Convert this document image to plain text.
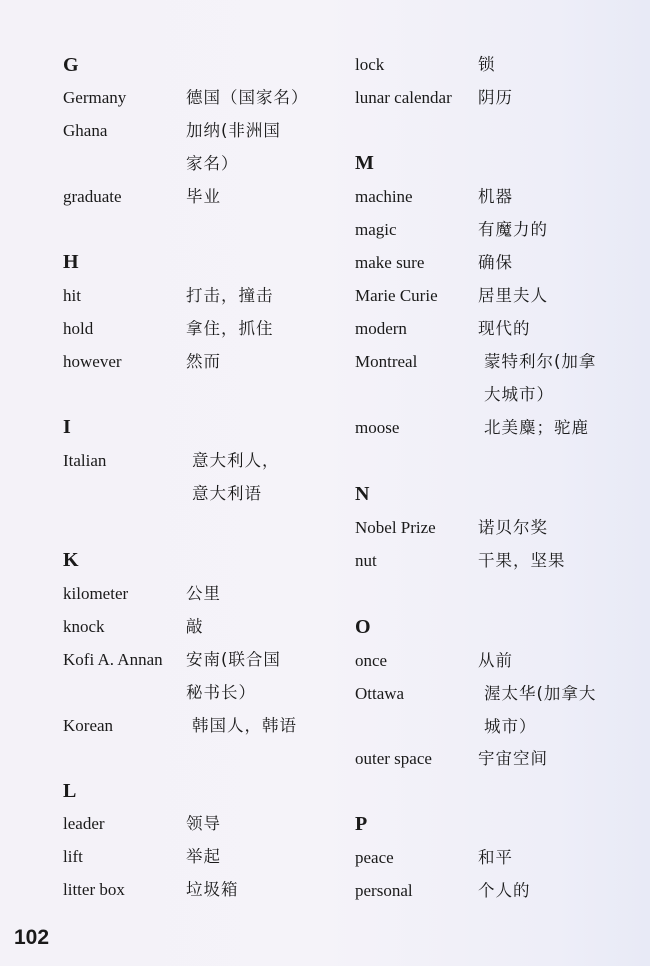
G
Germany	德国（国家名）
Ghana	加纳(非洲国
家名）
graduate	毕业
H
hit	打击，撞击
hold	拿住，抓住
however	然而
I
Italian	意大利人，
意大利语
K
kilometer	公里
knock	敲
Kofi A. Annan 安南(联合国
秘书长）
Korean	韩国人，韩语
L
leader	领导
lift	举起
litter box	垃圾箱
lock	锁
lunar calendar 阴历
M
machine	机器
magic	有魔力的
make sure	确保
Marie Curie 居里夫人
modern	现代的
Montreal	蒙特利尔(加拿
大城市）
moose	北美麋；驼鹿
N
Nobel Prize	诺贝尔奖
nut	干果，坚果
O
once	从前
Ottawa	渥太华(加拿大
城市）
outer space	宇宙空间
P
peace	和平
personal	个人的
102
